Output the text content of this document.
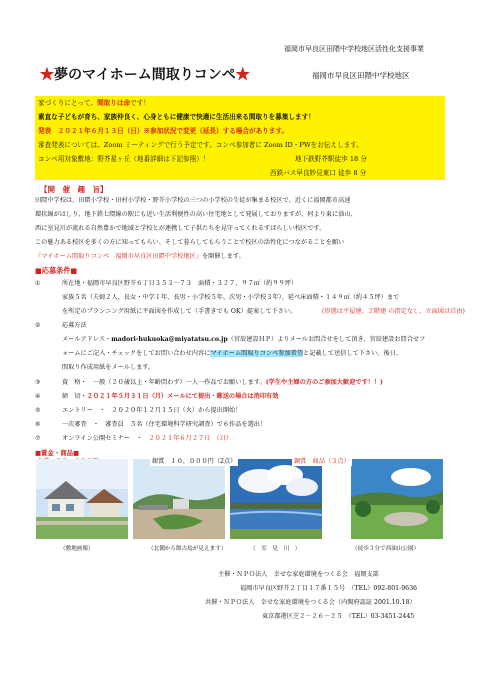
福岡市早良区田隈中学校地区活性化支援事業
★夢のマイホーム間取りコンペ★	福岡市早良区田隈中学校地区
家づくりにとって、間取りは命です！
素直な子どもが育ち、家族仲良く、心身ともに健康で快適に生活出来る間取りを募集します！
発表　２０２１年６月１３日（日）※参加状況で変更（延長）する場合があります。
審査発表については、Zoom ミーティングで行う予定です。コンペ参加者に Zoom ID・PWをお伝えします。
コンペ用対象敷地：野芥星ヶ丘（地番詳細は下記参照）！	地下鉄野芥駅徒歩 18 分
西鉄バス早良妙見東口 徒歩 8 分
【開　催　趣　旨】
田隈中学校は、田隈小学校・田村小学校・野芥小学校の三つの小学校の生徒が集まる校区で、近くに福岡都市高速
環状線がはしり、地下鉄七隈線の駅にも近い生活利便性の高い住宅地として発展しておりますが、何より東に油山、
西に室見川が流れる自然豊かで地域と学校とが連携して子供たちを見守ってくれるすばらしい校区です。
この魅力ある校区を多くの方に知ってもらい、そして暮らしてもらうことで校区の活性化につながることを願い
『マイホーム間取りコンペ　福岡市早良区田隈中学校地区』を開催します。
■応募条件■
①	所在地・福岡市早良区野芥６丁目３５３－７３　面積・３２７，９７㎡（約９９坪）
家族５名（夫婦２人、長女・中学１年、長男・小学校５年、次男・小学校３年）、延べ床面積・１４９㎡（約４５坪）まで
を所定のプランニング用紙に平面図を作成して（手書きでも OK）提案して下さい。	(形態は平屋建、２階建 の指定なし、立面図は自由)
②	応募方法
メールアドレス・madori-hukuoka@miyatatsu.co.jp（宮辰建設ＨＰ）よりメールお問合せをして頂き、宮辰建設お問合せフ
ォームにご記入・チェックをしてお問い合わせ内容にマイホーム間取りコンペ参加希望と記載して送信して下さい。後日、
間取り作成用紙をメールします。
③	資　格・　一般（２０歳以上・年齢問わず）一人一作品でお願いします。(学生や主婦の方のご参加大歓迎です！！)
④	締　切・２０２１年５月３１日（月）メールにて提出・郵送の場合は消印有効
⑤	エントリー　・　２０２０年１２月１５日（火）から提出開始！
⑥	一次審査　・　審査員　５名（住宅環境科学研究調査）で６作品を選出！
⑦	オンライン公開セミナー　・　２０２１年６月２７日　（日）
■賞金・商品■
銀賞　１０，０００円（2点）	銅賞　商品（３点）
（敷地画像）	（北側から館古島が見えます）	（　室　見　川　）	（徒歩３分で西油山公園）
主催・ＮＰＯ法人　幸せな家庭環境をつくる会　福岡支部
福岡市早良区野芥２丁目１７番１５号　（TEL）092-801-9636
共催・ＮＰＯ法人　幸せな家庭環境をつくる会（内閣府認証 2001.10.18）
東京都港区芝２－２６－２５　（TEL）03-3451-2445
